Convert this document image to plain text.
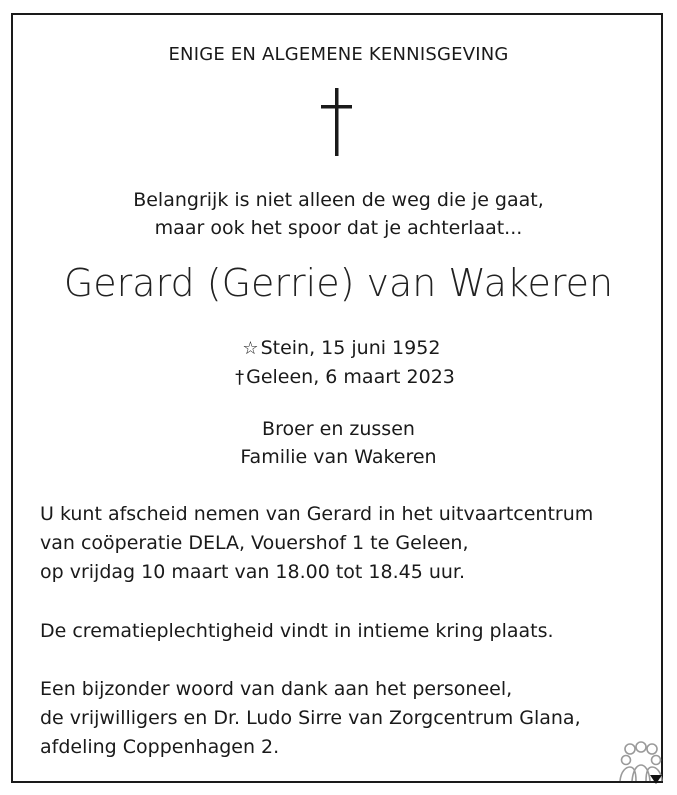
ENIGE EN ALGEMENE KENNISGEVING
Belangrijk is niet alleen de weg die je gaat,
maar ook het spoor dat je achterlaat...
Gerard (Gerrie) van Wakeren
☆ Stein, 15 juni 1952
† Geleen, 6 maart 2023
Broer en zussen
Familie van Wakeren
U kunt afscheid nemen van Gerard in het uitvaartcentrum
van coöperatie DELA, Vouershof 1 te Geleen,
op vrijdag 10 maart van 18.00 tot 18.45 uur.
De crematieplechtigheid vindt in intieme kring plaats.
Een bijzonder woord van dank aan het personeel,
de vrijwilligers en Dr. Ludo Sirre van Zorgcentrum Glana,
afdeling Coppenhagen 2.
